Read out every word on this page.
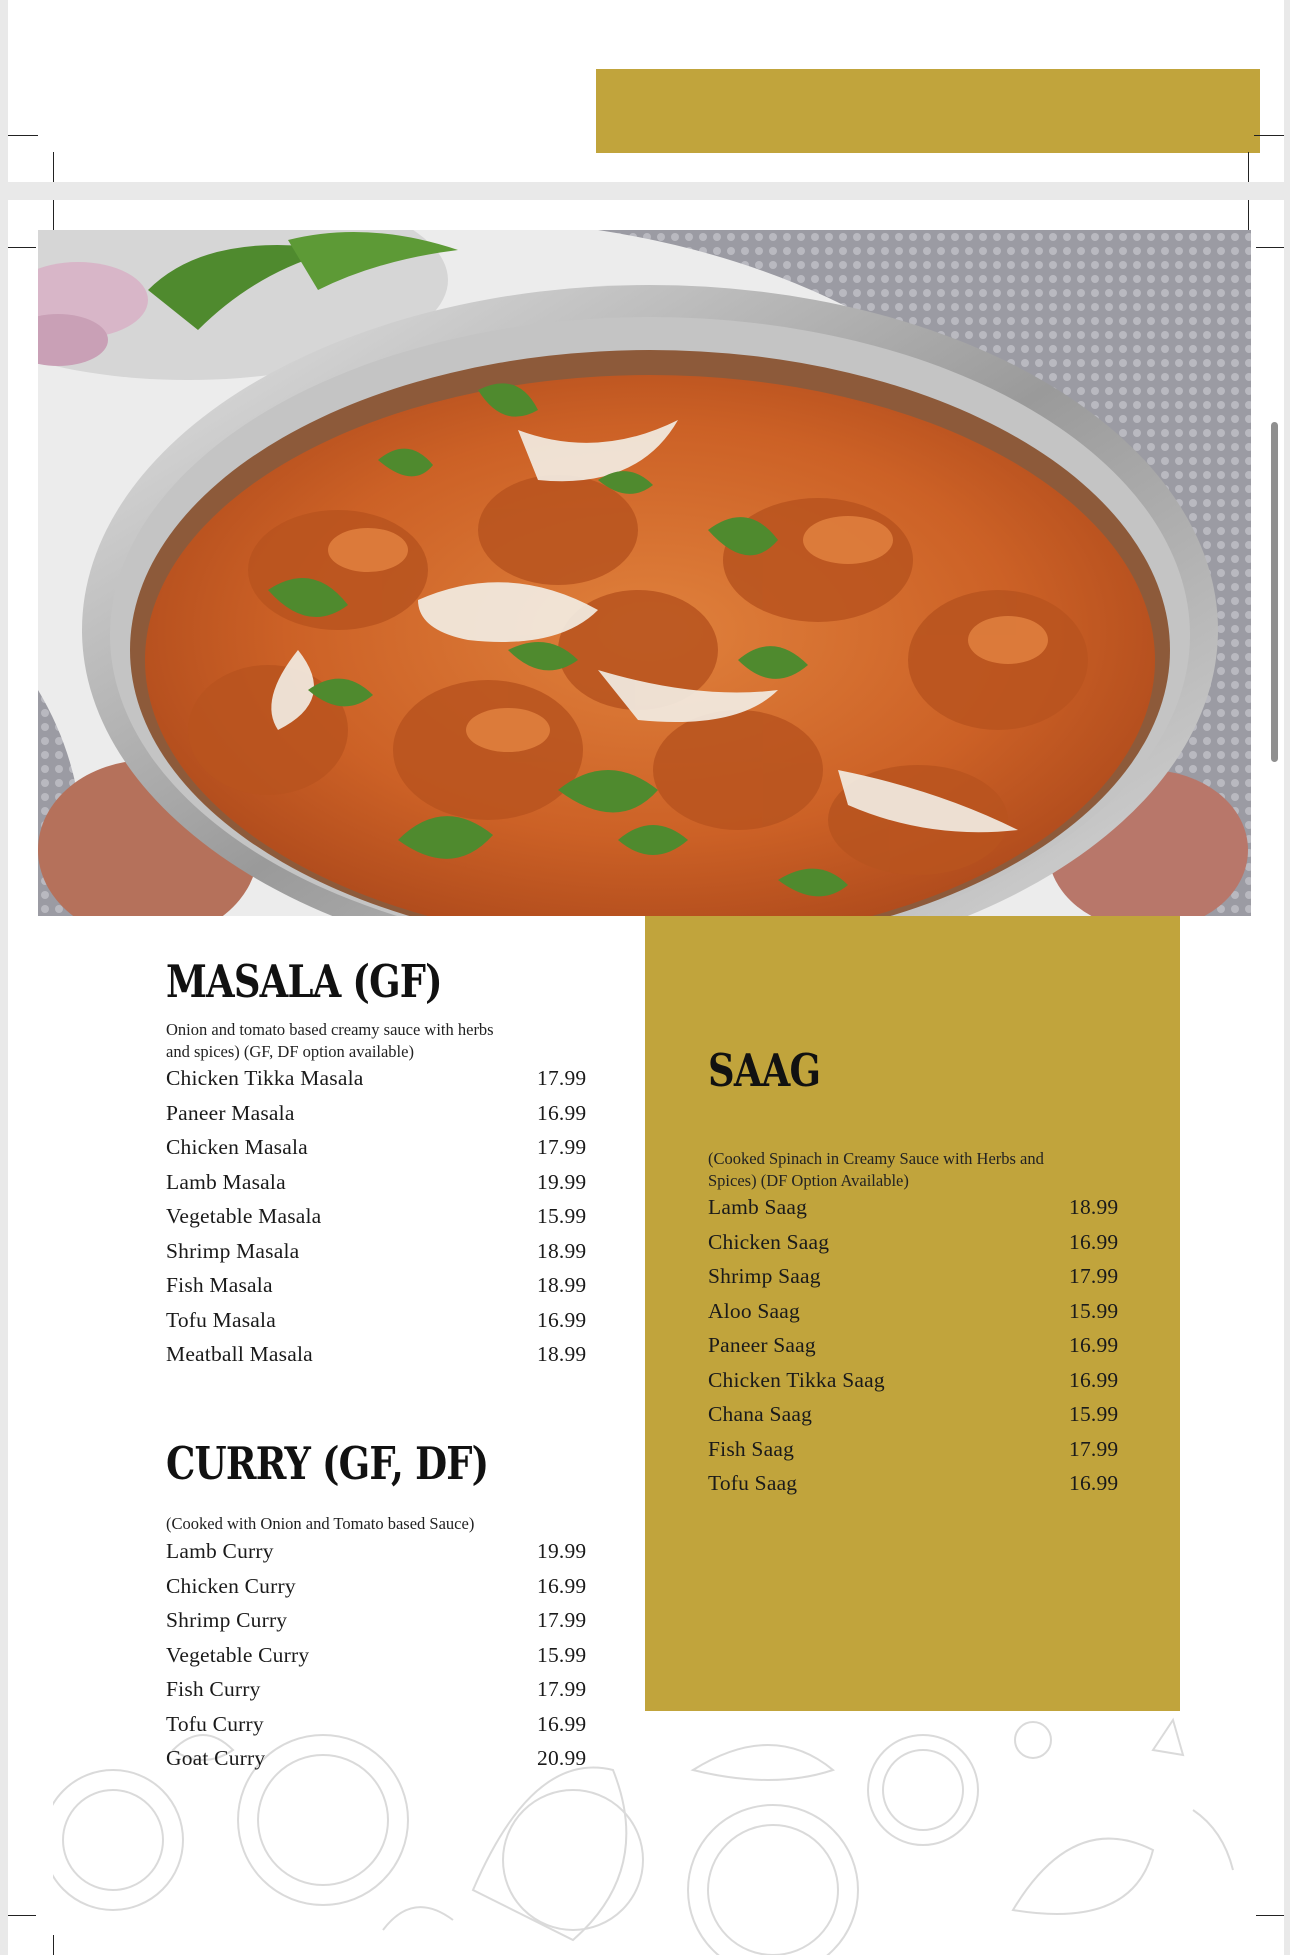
MASALA (GF)

Onion and tomato based creamy sauce with herbs and spices) (GF, DF option available)

Chicken Tikka Masala	17.99
Paneer Masala	16.99
Chicken Masala	17.99
Lamb Masala	19.99
Vegetable Masala	15.99
Shrimp Masala	18.99
Fish Masala	18.99
Tofu Masala	16.99
Meatball Masala	18.99
SAAG

(Cooked Spinach in Creamy Sauce with Herbs and Spices) (DF Option Available)

Lamb Saag	18.99
Chicken Saag	16.99
Shrimp Saag	17.99
Aloo Saag	15.99
Paneer Saag	16.99
Chicken Tikka Saag	16.99
Chana Saag	15.99
Fish Saag	17.99
Tofu Saag	16.99
CURRY (GF, DF)

(Cooked with Onion and Tomato based Sauce)

Lamb Curry	19.99
Chicken Curry	16.99
Shrimp Curry	17.99
Vegetable Curry	15.99
Fish Curry	17.99
Tofu Curry	16.99
Goat Curry	20.99
